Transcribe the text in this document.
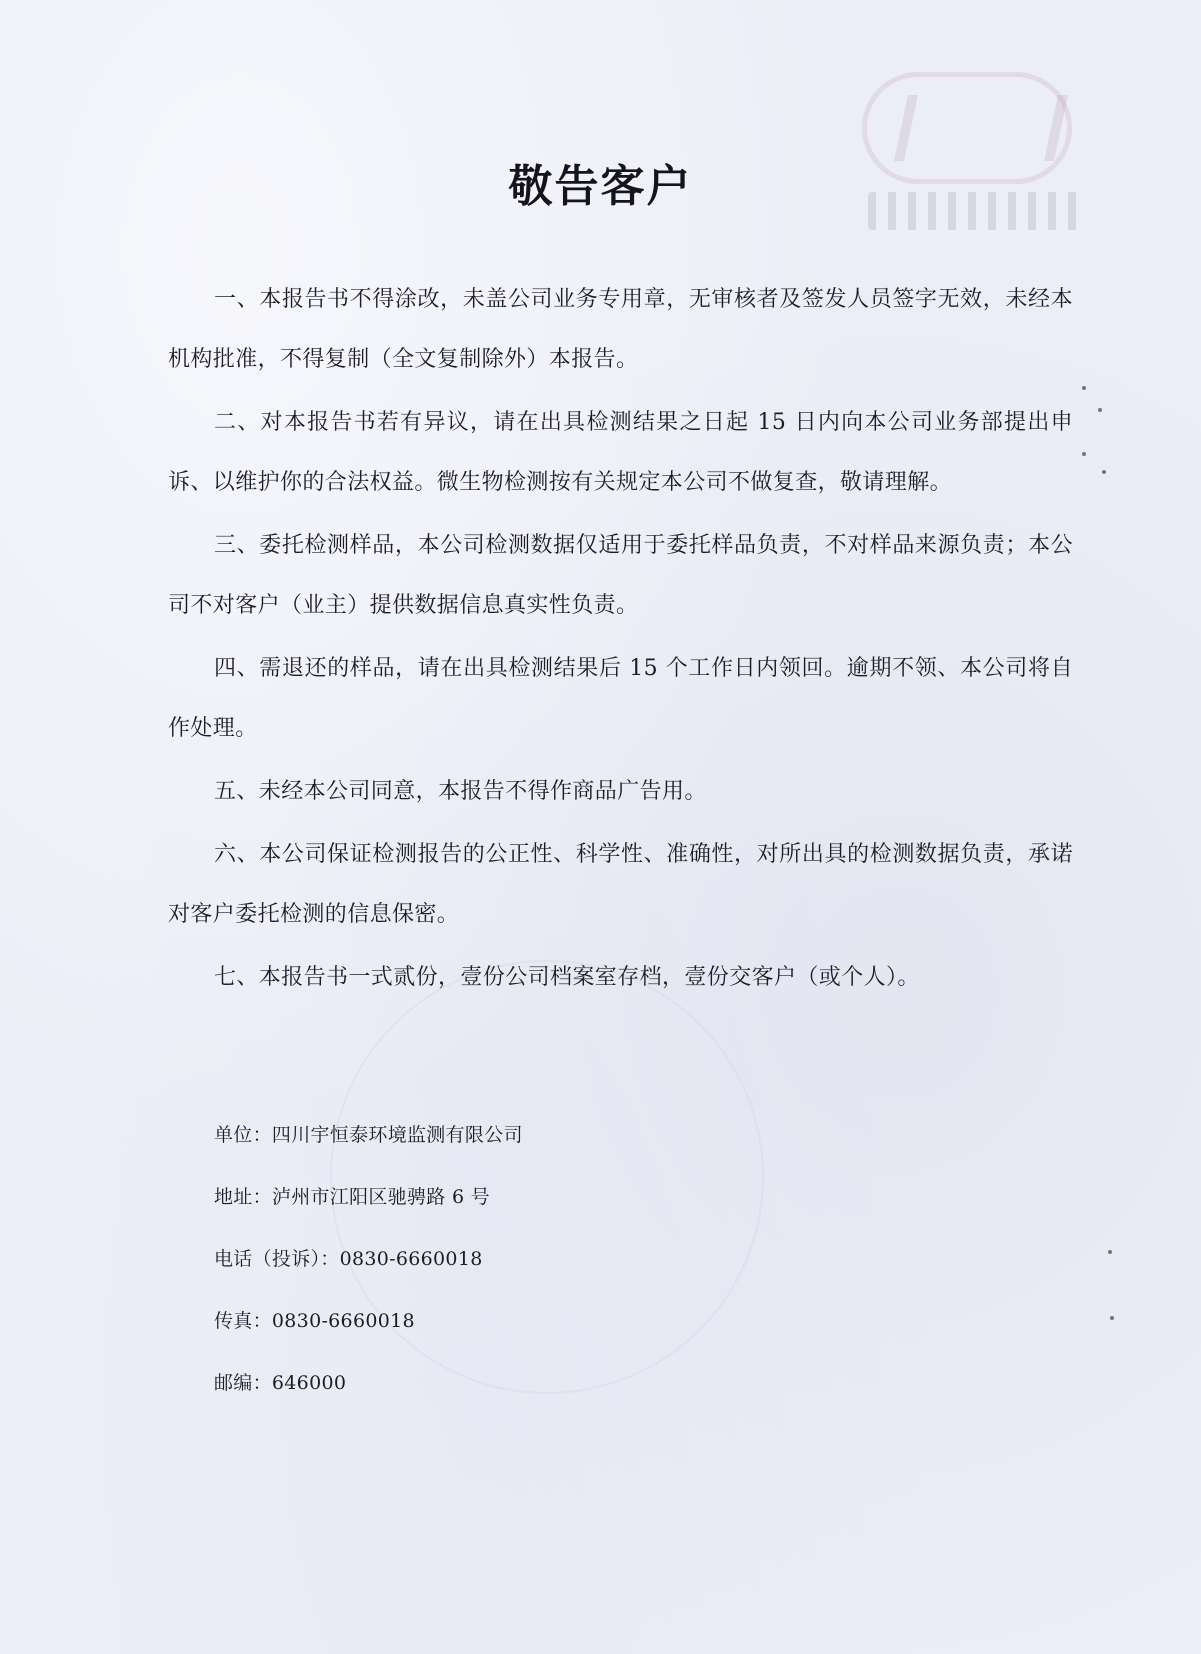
敬告客户

一、本报告书不得涂改，未盖公司业务专用章，无审核者及签发人员签字无效，未经本机构批准，不得复制（全文复制除外）本报告。

二、对本报告书若有异议，请在出具检测结果之日起 15 日内向本公司业务部提出申诉、以维护你的合法权益。微生物检测按有关规定本公司不做复查，敬请理解。

三、委托检测样品，本公司检测数据仅适用于委托样品负责，不对样品来源负责；本公司不对客户（业主）提供数据信息真实性负责。

四、需退还的样品，请在出具检测结果后 15 个工作日内领回。逾期不领、本公司将自作处理。

五、未经本公司同意，本报告不得作商品广告用。

六、本公司保证检测报告的公正性、科学性、准确性，对所出具的检测数据负责，承诺对客户委托检测的信息保密。

七、本报告书一式贰份，壹份公司档案室存档，壹份交客户（或个人）。

单位：四川宇恒泰环境监测有限公司

地址：泸州市江阳区驰骋路 6 号

电话（投诉）：0830-6660018

传真：0830-6660018

邮编：646000
